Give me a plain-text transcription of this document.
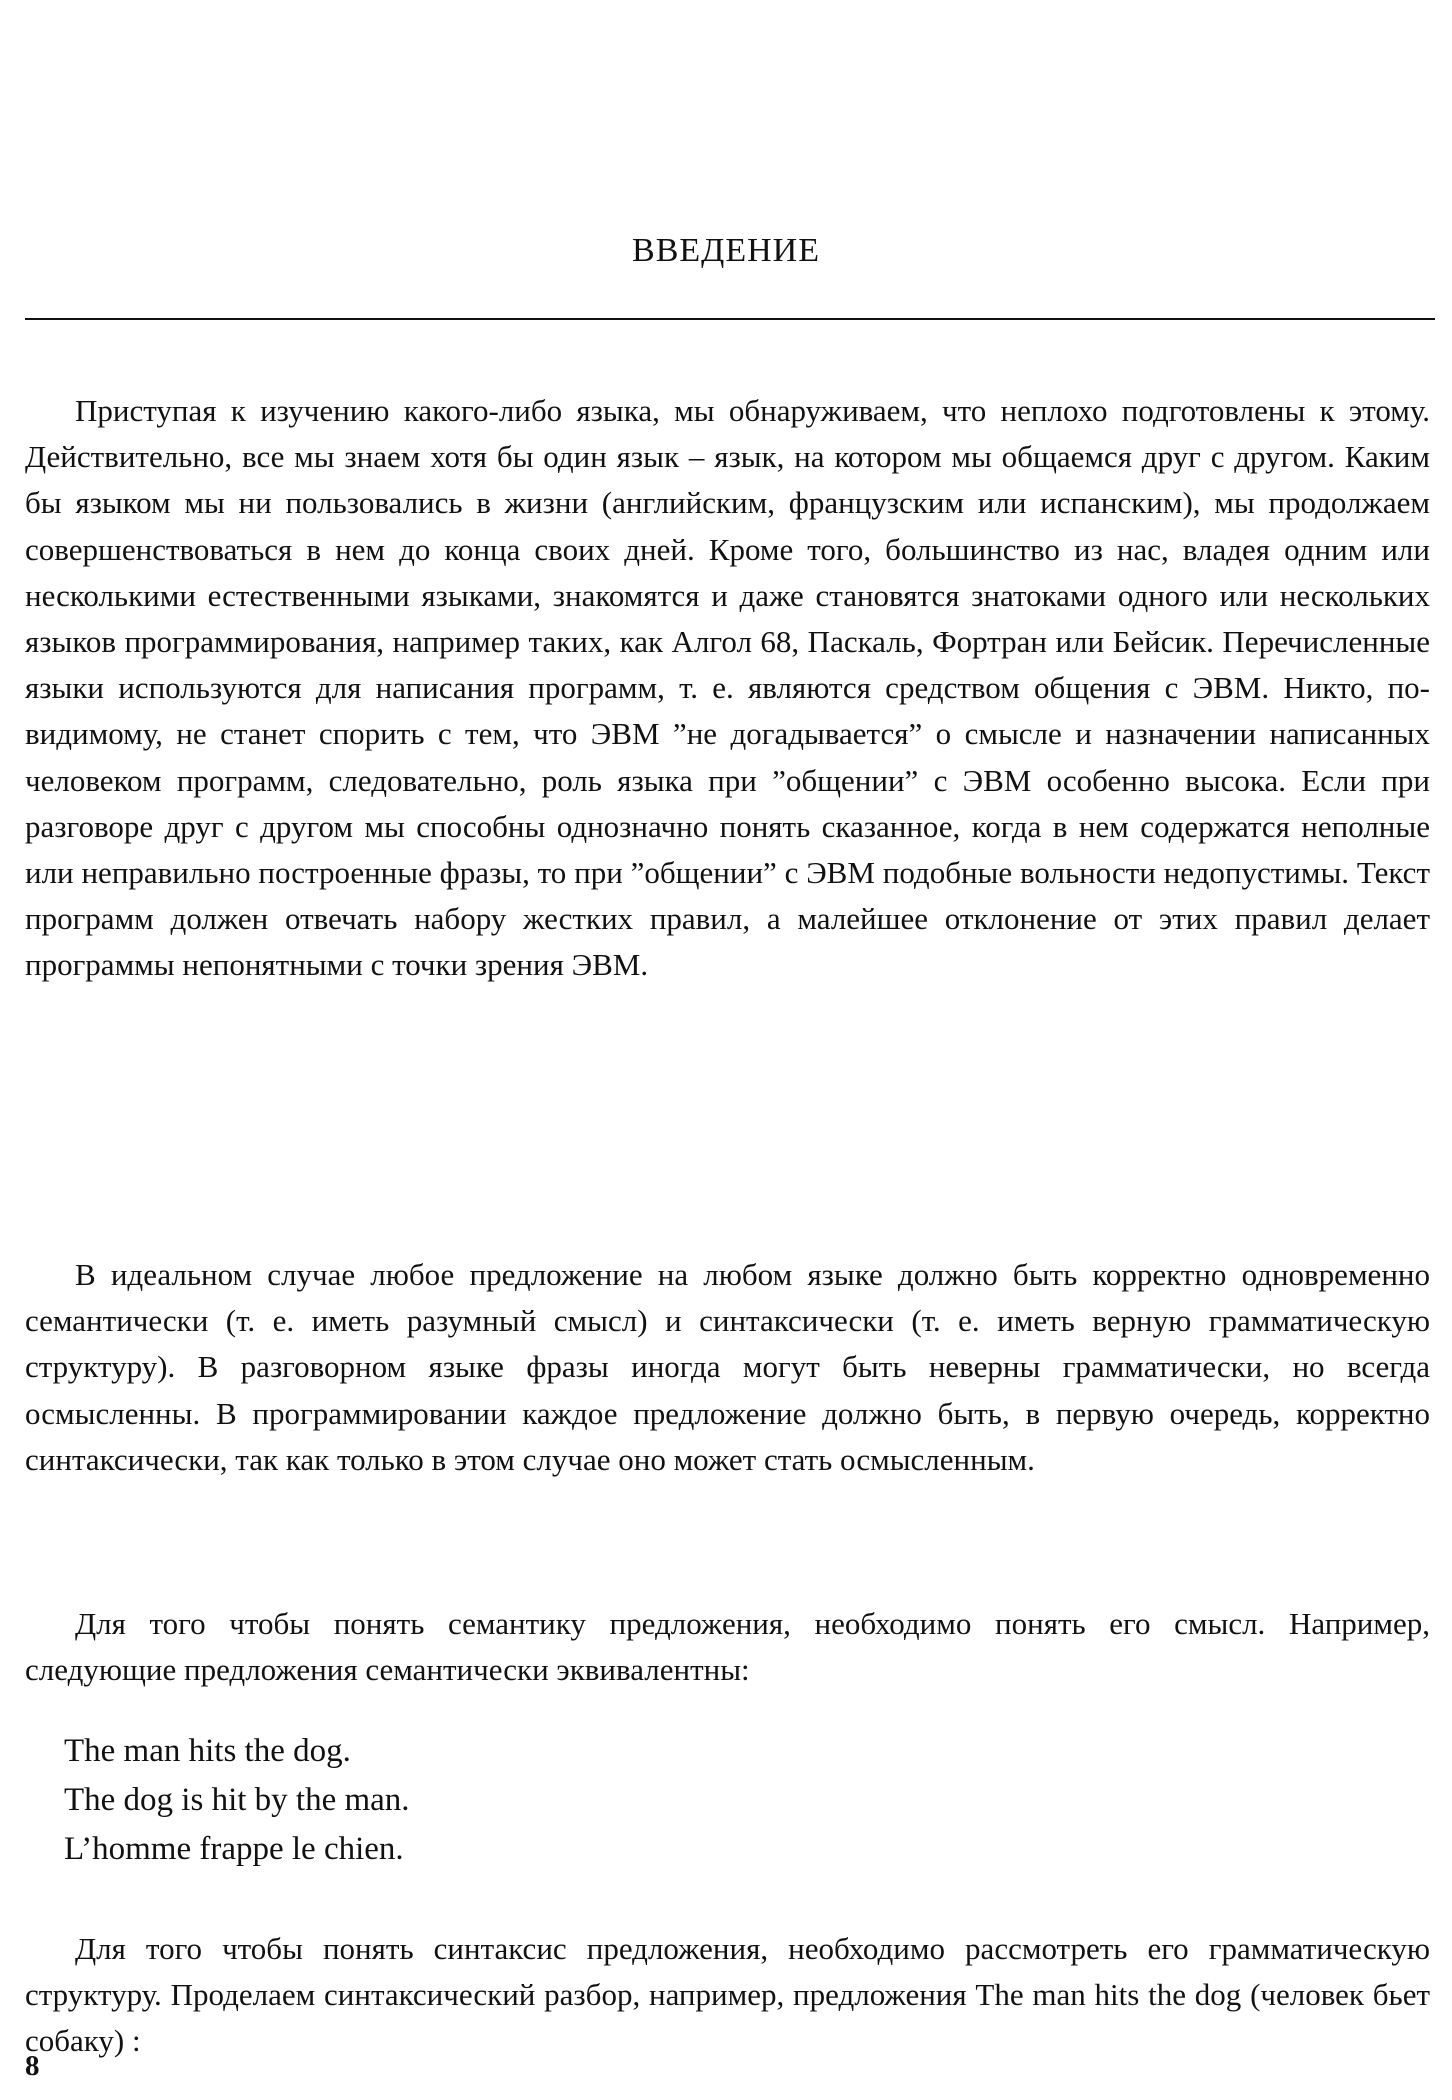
ВВЕДЕНИЕ

Приступая к изучению какого-либо языка, мы обнаруживаем, что неплохо подготовлены к этому. Действительно, все мы знаем хотя бы один язык – язык, на котором мы общаемся друг с другом. Каким бы языком мы ни пользовались в жизни (английским, французским или испанским), мы продолжаем совершенствоваться в нем до конца своих дней. Кроме того, большинство из нас, владея одним или несколькими естественными языками, знакомятся и даже становятся знатоками одного или нескольких языков программирования, например таких, как Алгол 68, Паскаль, Фортран или Бейсик. Перечисленные языки используются для написания программ, т. е. являются средством общения с ЭВМ. Никто, по-видимому, не станет спорить с тем, что ЭВМ ”не догадывается” о смысле и назначении написанных человеком программ, следовательно, роль языка при ”общении” с ЭВМ особенно высока. Если при разговоре друг с другом мы способны однозначно понять сказанное, когда в нем содержатся неполные или неправильно построенные фразы, то при ”общении” с ЭВМ подобные вольности недопустимы. Текст программ должен отвечать набору жестких правил, а малейшее отклонение от этих правил делает программы непонятными с точки зрения ЭВМ.

В идеальном случае любое предложение на любом языке должно быть корректно одновременно семантически (т. е. иметь разумный смысл) и синтаксически (т. е. иметь верную грамматическую структуру). В разговорном языке фразы иногда могут быть неверны грамматически, но всегда осмысленны. В программировании каждое предложение должно быть, в первую очередь, корректно синтаксически, так как только в этом случае оно может стать осмысленным.

Для того чтобы понять семантику предложения, необходимо понять его смысл. Например, следующие предложения семантически эквивалентны:

The man hits the dog.
The dog is hit by the man.
L’homme frappe le chien.

Для того чтобы понять синтаксис предложения, необходимо рассмотреть его грамматическую структуру. Проделаем синтаксический разбор, например, предложения The man hits the dog (человек бьет собаку) :

8
